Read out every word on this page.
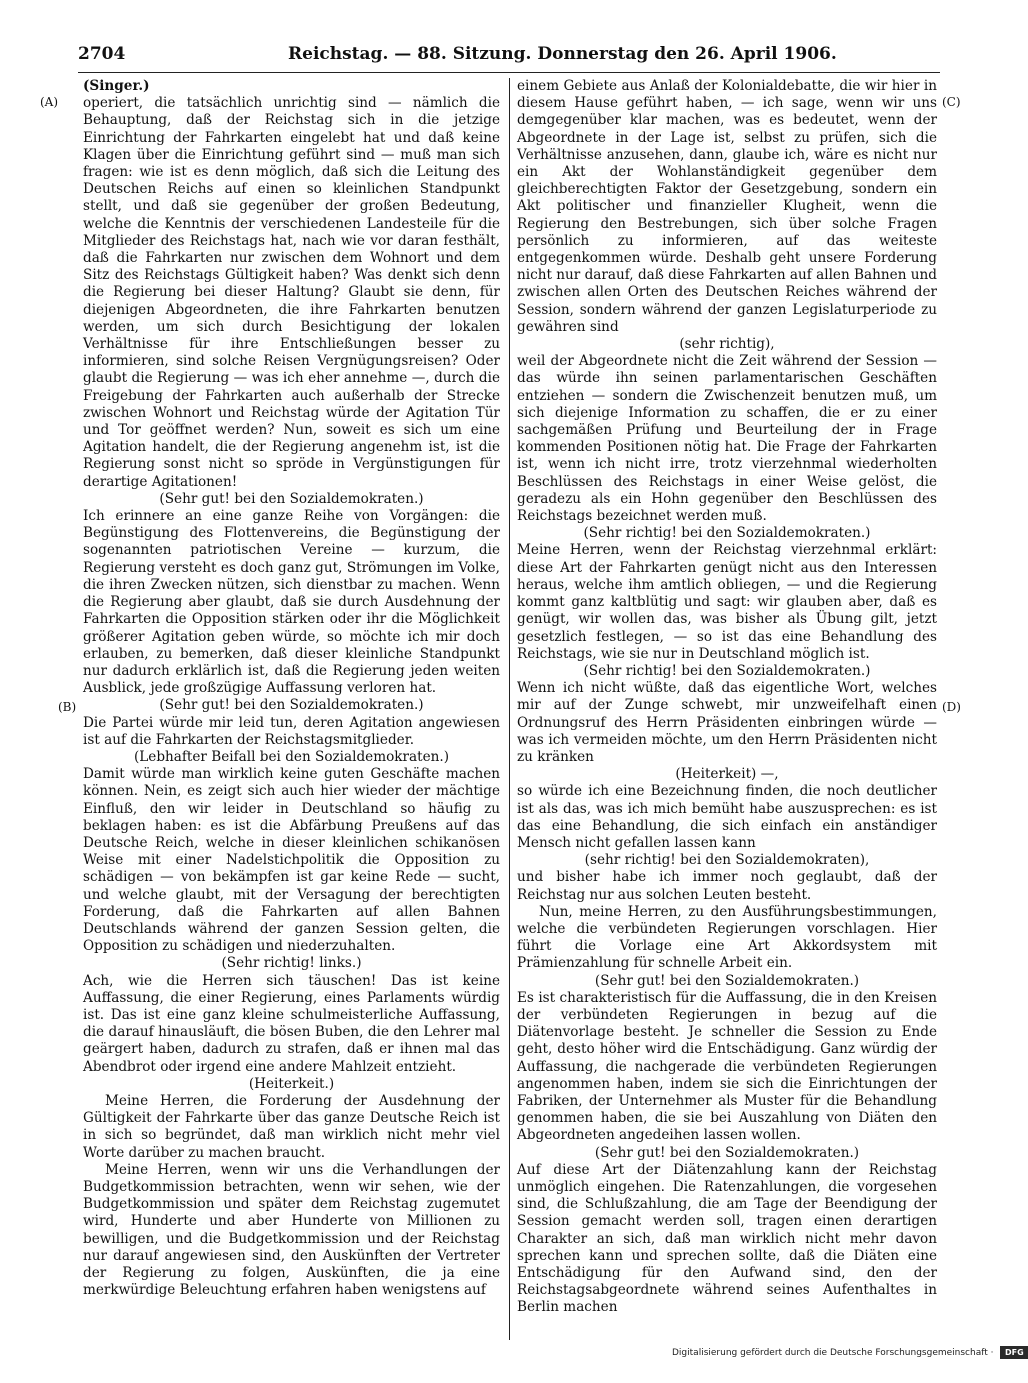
2704	Reichstag. — 88. Sitzung. Donnerstag den 26. April 1906.
(A)
(B)
(C)
(D)

(Singer.)

operiert, die tatsächlich unrichtig sind — nämlich die Behauptung, daß der Reichstag sich in die jetzige Einrichtung der Fahrkarten eingelebt hat und daß keine Klagen über die Einrichtung geführt sind — muß man sich fragen: wie ist es denn möglich, daß sich die Leitung des Deutschen Reichs auf einen so kleinlichen Standpunkt stellt, und daß sie gegenüber der großen Bedeutung, welche die Kenntnis der verschiedenen Landesteile für die Mitglieder des Reichstags hat, nach wie vor daran festhält, daß die Fahrkarten nur zwischen dem Wohnort und dem Sitz des Reichstags Gültigkeit haben? Was denkt sich denn die Regierung bei dieser Haltung? Glaubt sie denn, für diejenigen Abgeordneten, die ihre Fahrkarten benutzen werden, um sich durch Besichtigung der lokalen Verhältnisse für ihre Entschließungen besser zu informieren, sind solche Reisen Vergnügungsreisen? Oder glaubt die Regierung — was ich eher annehme —, durch die Freigebung der Fahrkarten auch außerhalb der Strecke zwischen Wohnort und Reichstag würde der Agitation Tür und Tor geöffnet werden? Nun, soweit es sich um eine Agitation handelt, die der Regierung angenehm ist, ist die Regierung sonst nicht so spröde in Vergünstigungen für derartige Agitationen!

(Sehr gut! bei den Sozialdemokraten.)

Ich erinnere an eine ganze Reihe von Vorgängen: die Begünstigung des Flottenvereins, die Begünstigung der sogenannten patriotischen Vereine — kurzum, die Regierung versteht es doch ganz gut, Strömungen im Volke, die ihren Zwecken nützen, sich dienstbar zu machen. Wenn die Regierung aber glaubt, daß sie durch Ausdehnung der Fahrkarten die Opposition stärken oder ihr die Möglichkeit größerer Agitation geben würde, so möchte ich mir doch erlauben, zu bemerken, daß dieser kleinliche Standpunkt nur dadurch erklärlich ist, daß die Regierung jeden weiten Ausblick, jede großzügige Auffassung verloren hat.

(Sehr gut! bei den Sozialdemokraten.)

Die Partei würde mir leid tun, deren Agitation angewiesen ist auf die Fahrkarten der Reichstagsmitglieder.

(Lebhafter Beifall bei den Sozialdemokraten.)

Damit würde man wirklich keine guten Geschäfte machen können. Nein, es zeigt sich auch hier wieder der mächtige Einfluß, den wir leider in Deutschland so häufig zu beklagen haben: es ist die Abfärbung Preußens auf das Deutsche Reich, welche in dieser kleinlichen schikanösen Weise mit einer Nadelstichpolitik die Opposition zu schädigen — von bekämpfen ist gar keine Rede — sucht, und welche glaubt, mit der Versagung der berechtigten Forderung, daß die Fahrkarten auf allen Bahnen Deutschlands während der ganzen Session gelten, die Opposition zu schädigen und niederzuhalten.

(Sehr richtig! links.)

Ach, wie die Herren sich täuschen! Das ist keine Auffassung, die einer Regierung, eines Parlaments würdig ist. Das ist eine ganz kleine schulmeisterliche Auffassung, die darauf hinausläuft, die bösen Buben, die den Lehrer mal geärgert haben, dadurch zu strafen, daß er ihnen mal das Abendbrot oder irgend eine andere Mahlzeit entzieht.

(Heiterkeit.)

Meine Herren, die Forderung der Ausdehnung der Gültigkeit der Fahrkarte über das ganze Deutsche Reich ist in sich so begründet, daß man wirklich nicht mehr viel Worte darüber zu machen braucht.

Meine Herren, wenn wir uns die Verhandlungen der Budgetkommission betrachten, wenn wir sehen, wie der Budgetkommission und später dem Reichstag zugemutet wird, Hunderte und aber Hunderte von Millionen zu bewilligen, und die Budgetkommission und der Reichstag nur darauf angewiesen sind, den Auskünften der Vertreter der Regierung zu folgen, Auskünften, die ja eine merkwürdige Beleuchtung erfahren haben wenigstens auf

einem Gebiete aus Anlaß der Kolonialdebatte, die wir hier in diesem Hause geführt haben, — ich sage, wenn wir uns demgegenüber klar machen, was es bedeutet, wenn der Abgeordnete in der Lage ist, selbst zu prüfen, sich die Verhältnisse anzusehen, dann, glaube ich, wäre es nicht nur ein Akt der Wohlanständigkeit gegenüber dem gleichberechtigten Faktor der Gesetzgebung, sondern ein Akt politischer und finanzieller Klugheit, wenn die Regierung den Bestrebungen, sich über solche Fragen persönlich zu informieren, auf das weiteste entgegenkommen würde. Deshalb geht unsere Forderung nicht nur darauf, daß diese Fahrkarten auf allen Bahnen und zwischen allen Orten des Deutschen Reiches während der Session, sondern während der ganzen Legislaturperiode zu gewähren sind

(sehr richtig),

weil der Abgeordnete nicht die Zeit während der Session — das würde ihn seinen parlamentarischen Geschäften entziehen — sondern die Zwischenzeit benutzen muß, um sich diejenige Information zu schaffen, die er zu einer sachgemäßen Prüfung und Beurteilung der in Frage kommenden Positionen nötig hat. Die Frage der Fahrkarten ist, wenn ich nicht irre, trotz vierzehnmal wiederholten Beschlüssen des Reichstags in einer Weise gelöst, die geradezu als ein Hohn gegenüber den Beschlüssen des Reichstags bezeichnet werden muß.

(Sehr richtig! bei den Sozialdemokraten.)

Meine Herren, wenn der Reichstag vierzehnmal erklärt: diese Art der Fahrkarten genügt nicht aus den Interessen heraus, welche ihm amtlich obliegen, — und die Regierung kommt ganz kaltblütig und sagt: wir glauben aber, daß es genügt, wir wollen das, was bisher als Übung gilt, jetzt gesetzlich festlegen, — so ist das eine Behandlung des Reichstags, wie sie nur in Deutschland möglich ist.

(Sehr richtig! bei den Sozialdemokraten.)

Wenn ich nicht wüßte, daß das eigentliche Wort, welches mir auf der Zunge schwebt, mir unzweifelhaft einen Ordnungsruf des Herrn Präsidenten einbringen würde — was ich vermeiden möchte, um den Herrn Präsidenten nicht zu kränken

(Heiterkeit) —,

so würde ich eine Bezeichnung finden, die noch deutlicher ist als das, was ich mich bemüht habe auszusprechen: es ist das eine Behandlung, die sich einfach ein anständiger Mensch nicht gefallen lassen kann

(sehr richtig! bei den Sozialdemokraten),

und bisher habe ich immer noch geglaubt, daß der Reichstag nur aus solchen Leuten besteht.

Nun, meine Herren, zu den Ausführungsbestimmungen, welche die verbündeten Regierungen vorschlagen. Hier führt die Vorlage eine Art Akkordsystem mit Prämienzahlung für schnelle Arbeit ein.

(Sehr gut! bei den Sozialdemokraten.)

Es ist charakteristisch für die Auffassung, die in den Kreisen der verbündeten Regierungen in bezug auf die Diätenvorlage besteht. Je schneller die Session zu Ende geht, desto höher wird die Entschädigung. Ganz würdig der Auffassung, die nachgerade die verbündeten Regierungen angenommen haben, indem sie sich die Einrichtungen der Fabriken, der Unternehmer als Muster für die Behandlung genommen haben, die sie bei Auszahlung von Diäten den Abgeordneten angedeihen lassen wollen.

(Sehr gut! bei den Sozialdemokraten.)

Auf diese Art der Diätenzahlung kann der Reichstag unmöglich eingehen. Die Ratenzahlungen, die vorgesehen sind, die Schlußzahlung, die am Tage der Beendigung der Session gemacht werden soll, tragen einen derartigen Charakter an sich, daß man wirklich nicht mehr davon sprechen kann und sprechen sollte, daß die Diäten eine Entschädigung für den Aufwand sind, den der Reichstagsabgeordnete während seines Aufenthaltes in Berlin machen

Digitalisierung gefördert durch die Deutsche Forschungsgemeinschaft · DFG
